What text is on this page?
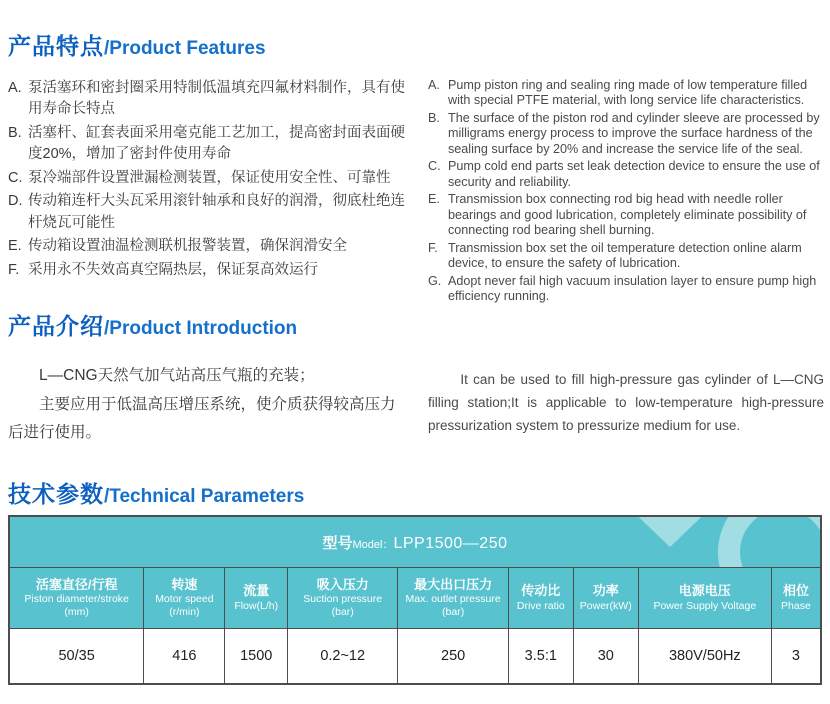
产品特点/Product Features
A. 泵活塞环和密封圈采用特制低温填充四氟材料制作，具有使用寿命长特点
B. 活塞杆、缸套表面采用毫克能工艺加工，提高密封面表面硬度20%，增加了密封件使用寿命
C. 泵冷端部件设置泄漏检测装置，保证使用安全性、可靠性
D. 传动箱连杆大头瓦采用滚针轴承和良好的润滑，彻底杜绝连杆烧瓦可能性
E. 传动箱设置油温检测联机报警装置，确保润滑安全
F. 采用永不失效高真空隔热层，保证泵高效运行
A. Pump piston ring and sealing ring made of low temperature filled with special PTFE material, with long service life characteristics.
B. The surface of the piston rod and cylinder sleeve are processed by milligrams energy process to improve the surface hardness of the sealing surface by 20% and increase the service life of the seal.
C. Pump cold end parts set leak detection device to ensure the use of security and reliability.
E. Transmission box connecting rod big head with needle roller bearings and good lubrication, completely eliminate possibility of connecting rod bearing shell burning.
F. Transmission box set the oil temperature detection online alarm device, to ensure the safety of lubrication.
G. Adopt never fail high vacuum insulation layer to ensure pump high efficiency running.
产品介绍/Product Introduction

L—CNG天然气加气站高压气瓶的充装；

主要应用于低温高压增压系统，使介质获得较高压力后进行使用。

It can be used to fill high-pressure gas cylinder of L—CNG filling station;It is applicable to low-temperature high-pressure pressurization system to pressurize medium for use.

技术参数/Technical Parameters
型号Model：LPP1500—250								

活塞直径/行程
Piston diameter/stroke
(mm)

转速
Motor speed
(r/min)

流量
Flow(L/h)

吸入压力
Suction pressure
(bar)

最大出口压力
Max. outlet pressure
(bar)

传动比
Drive ratio

功率
Power(kW)

电源电压
Power Supply Voltage

相位
Phase

50/35	416	1500	0.2~12	250	3.5:1	30	380V/50Hz	3
